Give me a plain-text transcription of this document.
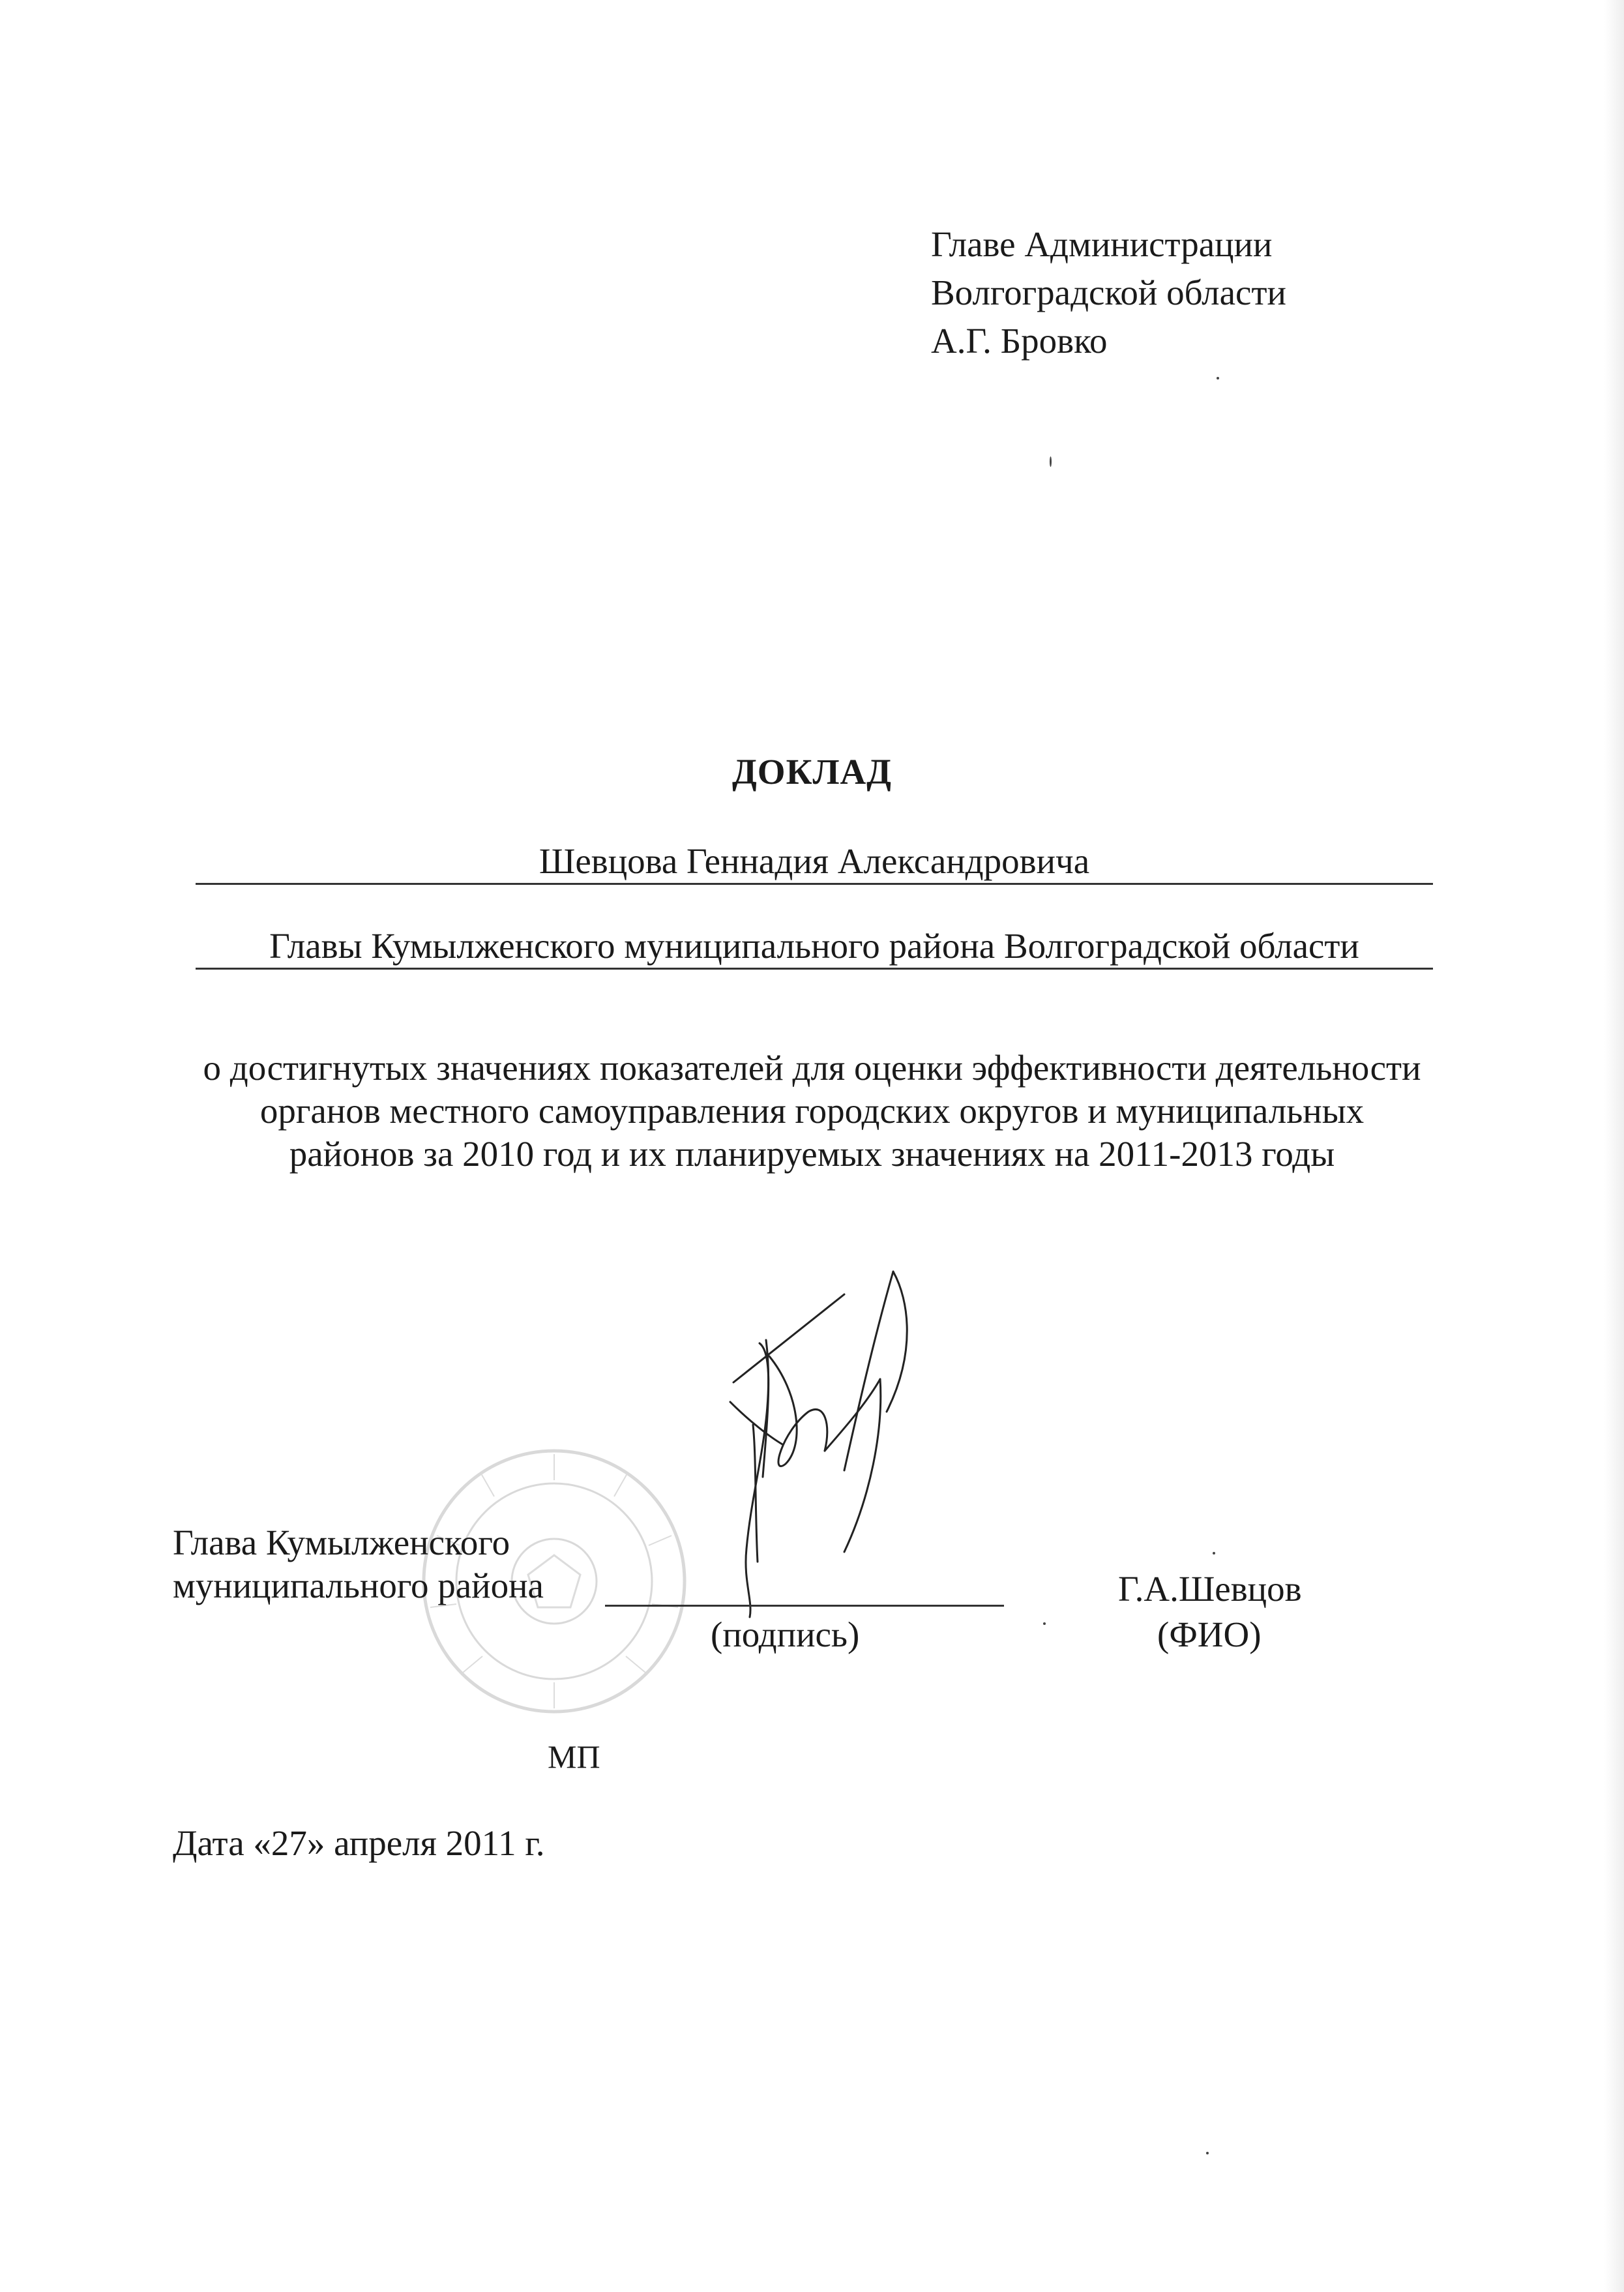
Главе Администрации
Волгоградской области
А.Г. Бровко
ДОКЛАД
Шевцова Геннадия Александровича
Главы Кумылженского муниципального района Волгоградской области
о достигнутых значениях показателей для оценки эффективности деятельности
органов местного самоуправления городских округов и муниципальных
районов за 2010 год и их планируемых значениях на 2011-2013 годы
Глава Кумылженского
муниципального района
(подпись)
Г.А.Шевцов
(ФИО)
МП
Дата «27» апреля 2011 г.
